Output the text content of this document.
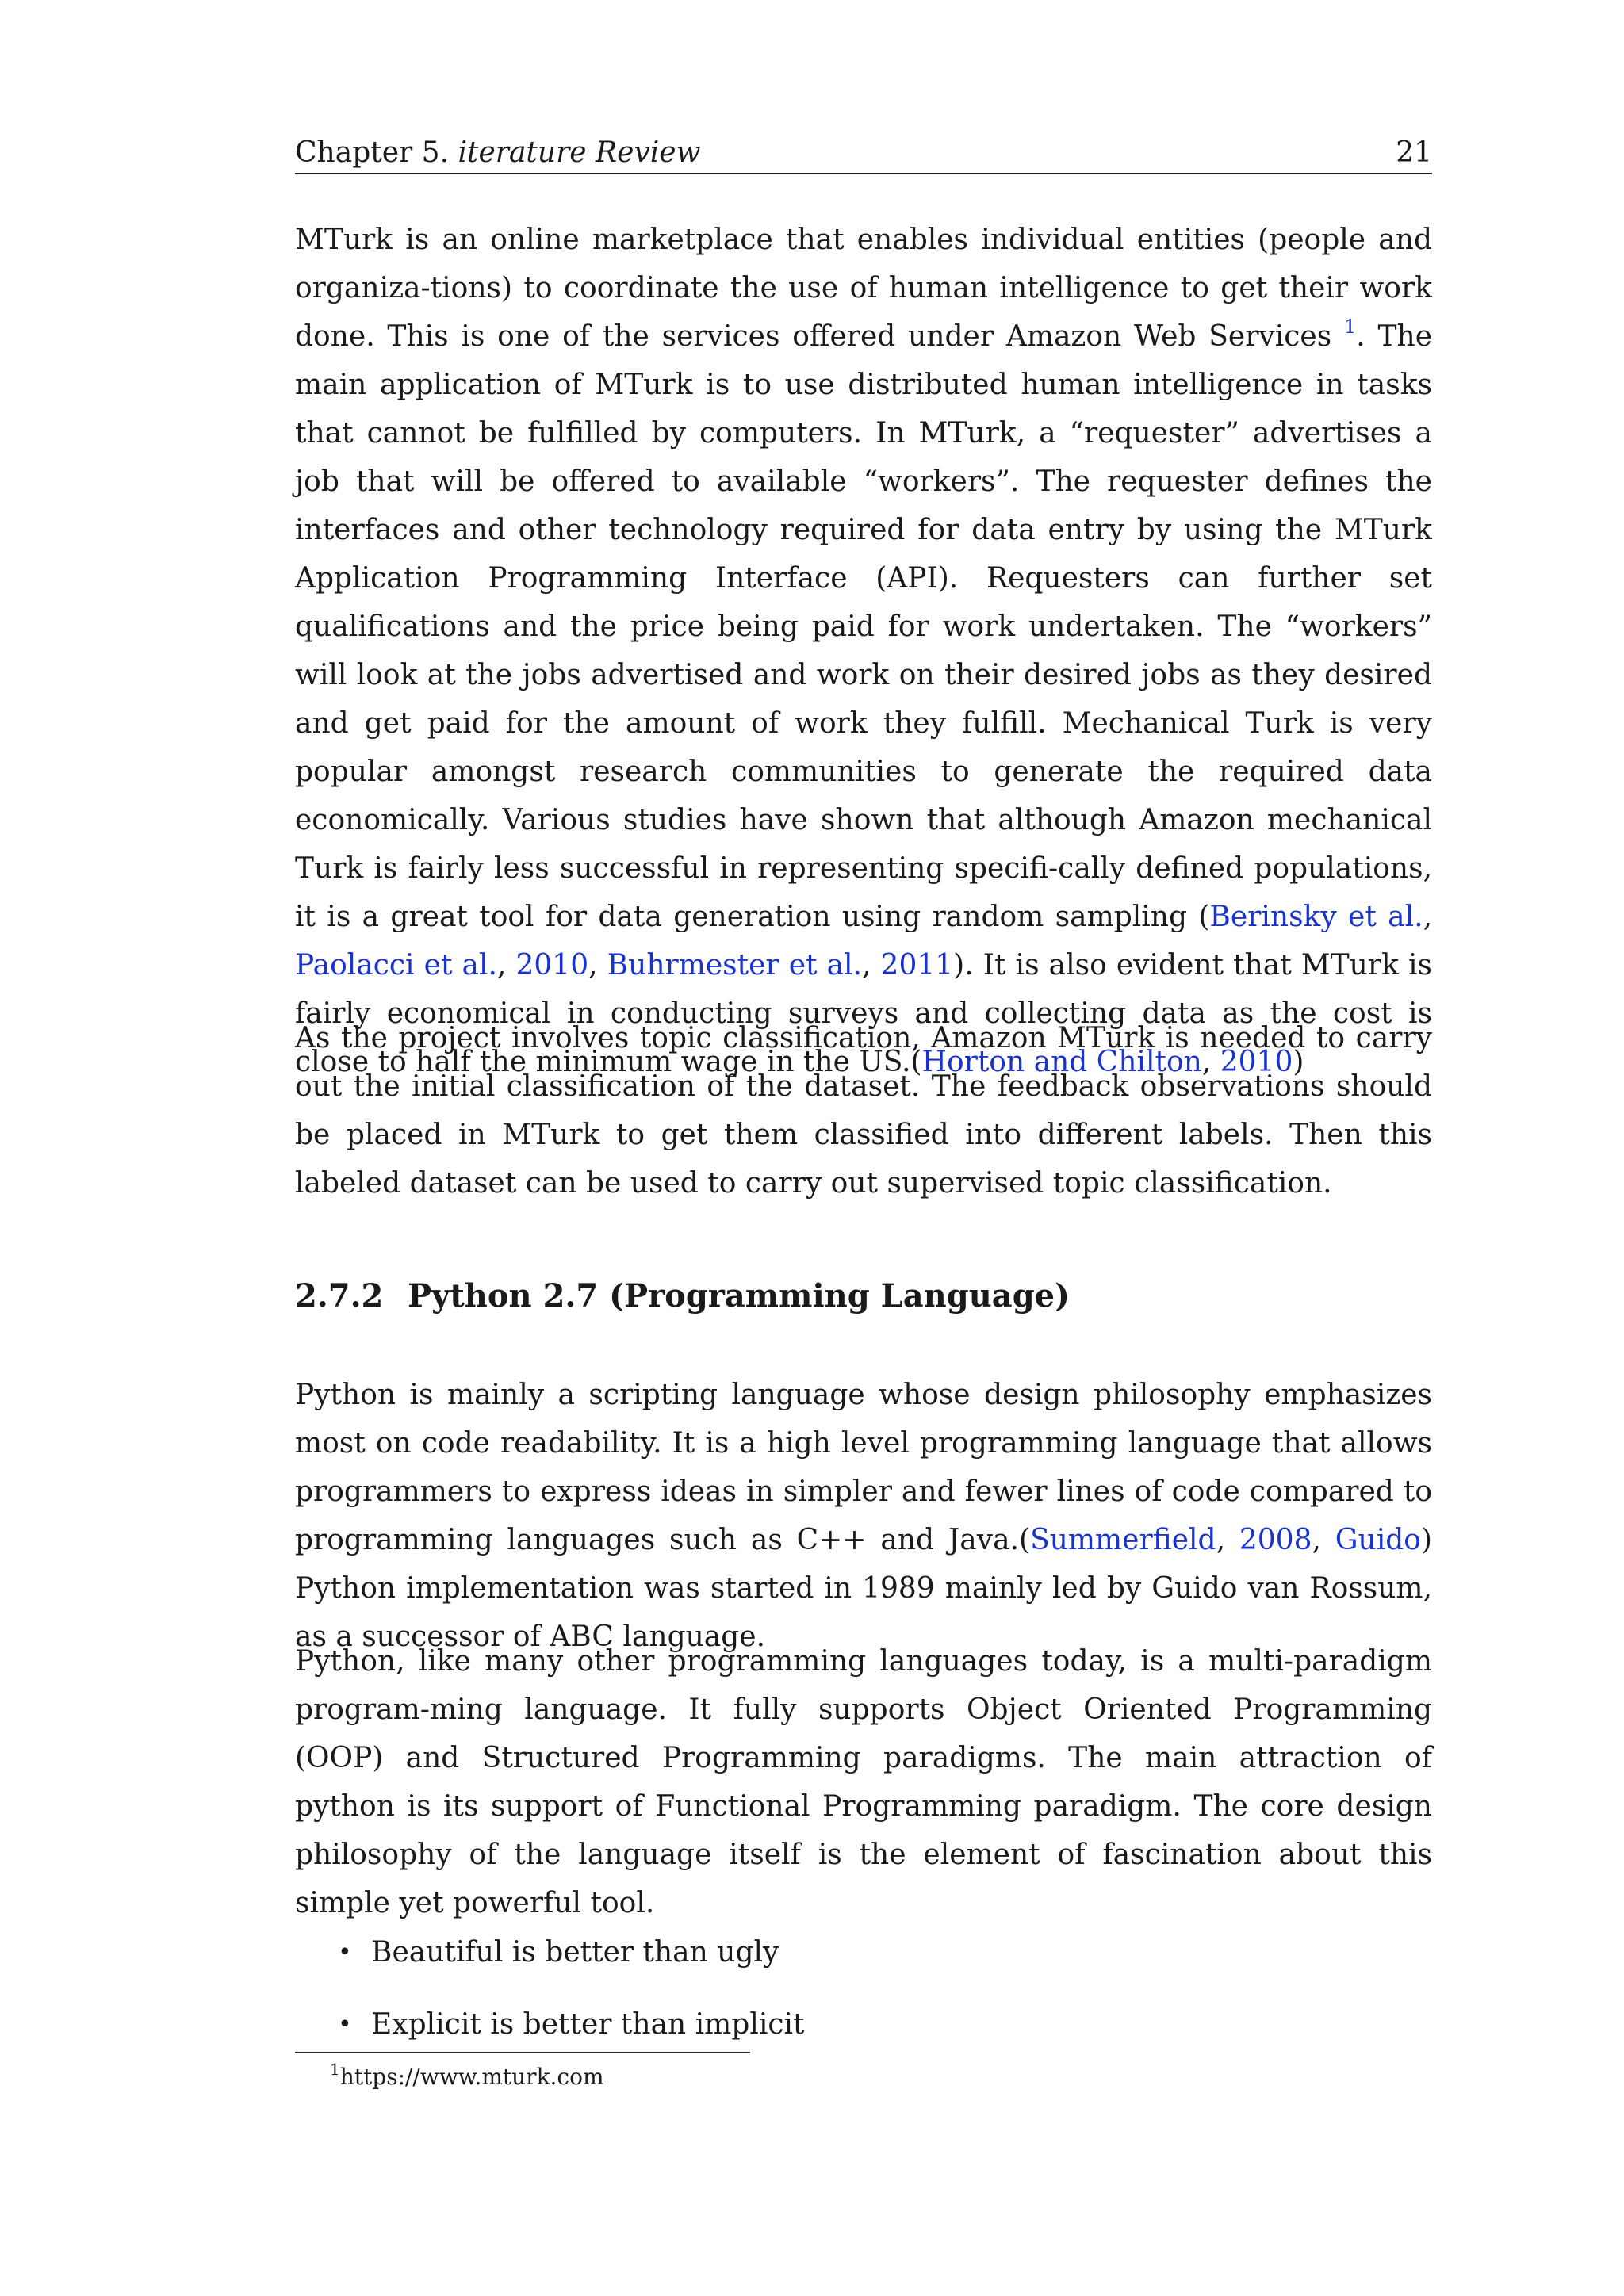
Chapter 5. iterature Review	21

MTurk is an online marketplace that enables individual entities (people and organiza-tions) to coordinate the use of human intelligence to get their work done. This is one of the services offered under Amazon Web Services $^1$. The main application of MTurk is to use distributed human intelligence in tasks that cannot be fulfilled by computers. In MTurk, a “requester” advertises a job that will be offered to available “workers”. The requester defines the interfaces and other technology required for data entry by using the MTurk Application Programming Interface (API). Requesters can further set qualifications and the price being paid for work undertaken. The “workers” will look at the jobs advertised and work on their desired jobs as they desired and get paid for the amount of work they fulfill. Mechanical Turk is very popular amongst research communities to generate the required data economically. Various studies have shown that although Amazon mechanical Turk is fairly less successful in representing specifi-cally defined populations, it is a great tool for data generation using random sampling (Berinsky et al., Paolacci et al., 2010, Buhrmester et al., 2011). It is also evident that MTurk is fairly economical in conducting surveys and collecting data as the cost is close to half the minimum wage in the US.(Horton and Chilton, 2010)

As the project involves topic classification, Amazon MTurk is needed to carry out the initial classification of the dataset. The feedback observations should be placed in MTurk to get them classified into different labels. Then this labeled dataset can be used to carry out supervised topic classification.

2.7.2 Python 2.7 (Programming Language)

Python is mainly a scripting language whose design philosophy emphasizes most on code readability. It is a high level programming language that allows programmers to express ideas in simpler and fewer lines of code compared to programming languages such as C++ and Java.(Summerfield, 2008, Guido) Python implementation was started in 1989 mainly led by Guido van Rossum, as a successor of ABC language.

Python, like many other programming languages today, is a multi-paradigm program-ming language. It fully supports Object Oriented Programming (OOP) and Structured Programming paradigms. The main attraction of python is its support of Functional Programming paradigm. The core design philosophy of the language itself is the element of fascination about this simple yet powerful tool.

• Beautiful is better than ugly
• Explicit is better than implicit
$^1$https://www.mturk.com
